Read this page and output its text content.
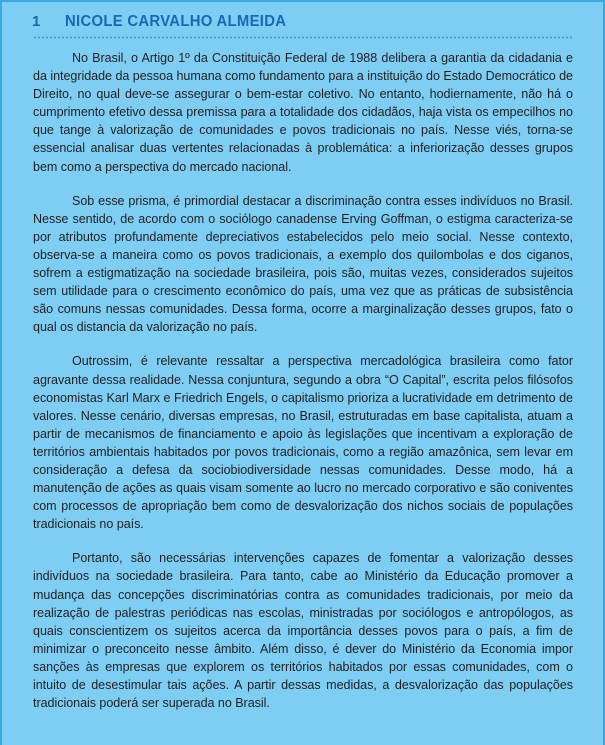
1	NICOLE CARVALHO ALMEIDA

No Brasil, o Artigo 1º da Constituição Federal de 1988 delibera a garantia da cidadania e da integridade da pessoa humana como fundamento para a instituição do Estado Democrático de Direito, no qual deve-se assegurar o bem-estar coletivo. No entanto, hodiernamente, não há o cumprimento efetivo dessa premissa para a totalidade dos cidadãos, haja vista os empecilhos no que tange à valorização de comunidades e povos tradicionais no país. Nesse viés, torna-se essencial analisar duas vertentes relacionadas à problemática: a inferiorização desses grupos bem como a perspectiva do mercado nacional.

Sob esse prisma, é primordial destacar a discriminação contra esses indivíduos no Brasil. Nesse sentido, de acordo com o sociólogo canadense Erving Goffman, o estigma caracteriza-se por atributos profundamente depreciativos estabelecidos pelo meio social. Nesse contexto, observa-se a maneira como os povos tradicionais, a exemplo dos quilombolas e dos ciganos, sofrem a estigmatização na sociedade brasileira, pois são, muitas vezes, considerados sujeitos sem utilidade para o crescimento econômico do país, uma vez que as práticas de subsistência são comuns nessas comunidades. Dessa forma, ocorre a marginalização desses grupos, fato o qual os distancia da valorização no país.

Outrossim, é relevante ressaltar a perspectiva mercadológica brasileira como fator agravante dessa realidade. Nessa conjuntura, segundo a obra “O Capital”, escrita pelos filósofos economistas Karl Marx e Friedrich Engels, o capitalismo prioriza a lucratividade em detrimento de valores. Nesse cenário, diversas empresas, no Brasil, estruturadas em base capitalista, atuam a partir de mecanismos de financiamento e apoio às legislações que incentivam a exploração de territórios ambientais habitados por povos tradicionais, como a região amazônica, sem levar em consideração a defesa da sociobiodiversidade nessas comunidades. Desse modo, há a manutenção de ações as quais visam somente ao lucro no mercado corporativo e são coniventes com processos de apropriação bem como de desvalorização dos nichos sociais de populações tradicionais no país.

Portanto, são necessárias intervenções capazes de fomentar a valorização desses indivíduos na sociedade brasileira. Para tanto, cabe ao Ministério da Educação promover a mudança das concepções discriminatórias contra as comunidades tradicionais, por meio da realização de palestras periódicas nas escolas, ministradas por sociólogos e antropólogos, as quais conscientizem os sujeitos acerca da importância desses povos para o país, a fim de minimizar o preconceito nesse âmbito. Além disso, é dever do Ministério da Economia impor sanções às empresas que explorem os territórios habitados por essas comunidades, com o intuito de desestimular tais ações. A partir dessas medidas, a desvalorização das populações tradicionais poderá ser superada no Brasil.
